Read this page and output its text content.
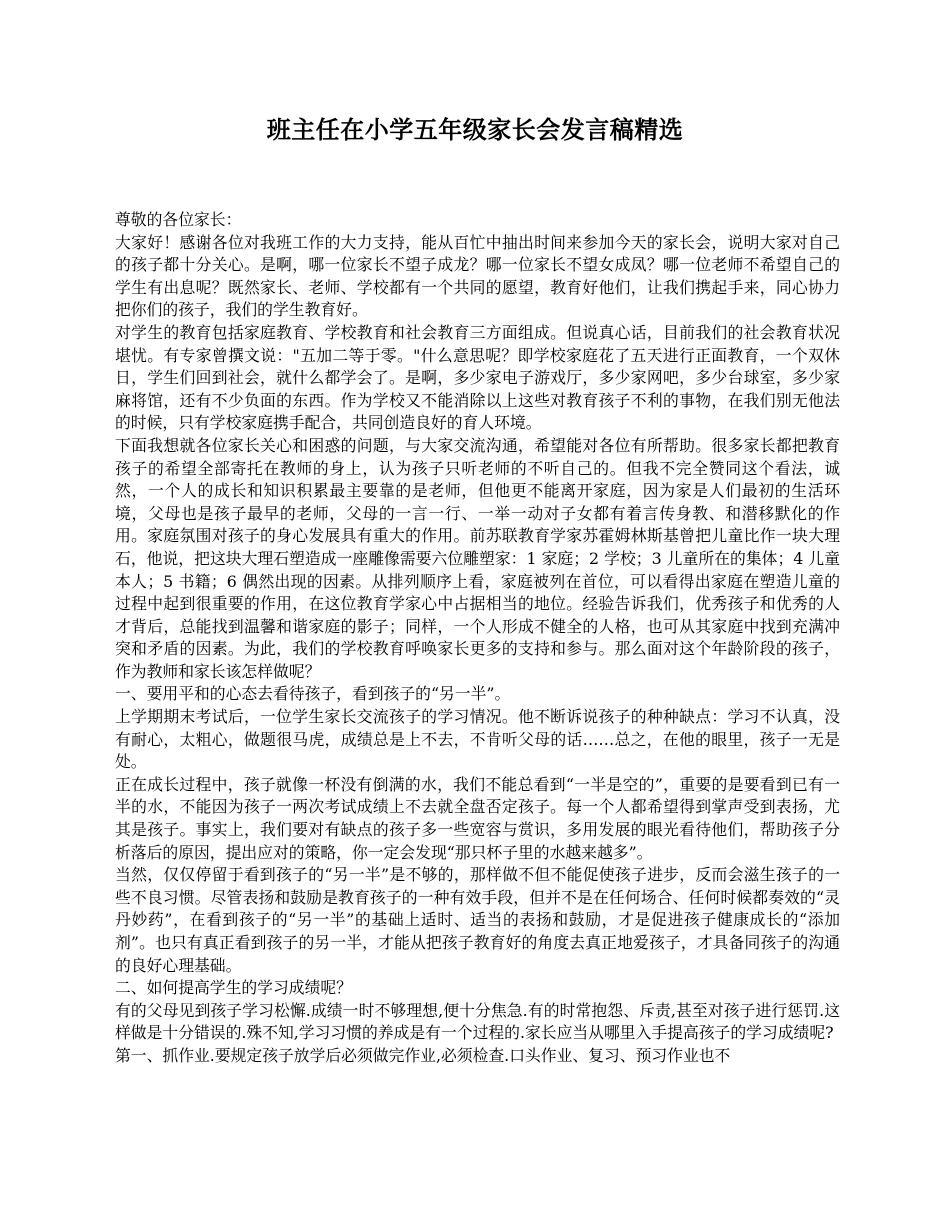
班主任在小学五年级家长会发言稿精选

尊敬的各位家长：

大家好！感谢各位对我班工作的大力支持，能从百忙中抽出时间来参加今天的家长会，说明大家对自己的孩子都十分关心。是啊，哪一位家长不望子成龙？哪一位家长不望女成凤？哪一位老师不希望自己的学生有出息呢？既然家长、老师、学校都有一个共同的愿望，教育好他们，让我们携起手来，同心协力把你们的孩子，我们的学生教育好。

对学生的教育包括家庭教育、学校教育和社会教育三方面组成。但说真心话，目前我们的社会教育状况堪忧。有专家曾撰文说："五加二等于零。"什么意思呢？即学校家庭花了五天进行正面教育，一个双休日，学生们回到社会，就什么都学会了。是啊，多少家电子游戏厅，多少家网吧，多少台球室，多少家麻将馆，还有不少负面的东西。作为学校又不能消除以上这些对教育孩子不利的事物，在我们别无他法的时候，只有学校家庭携手配合，共同创造良好的育人环境。

下面我想就各位家长关心和困惑的问题，与大家交流沟通，希望能对各位有所帮助。很多家长都把教育孩子的希望全部寄托在教师的身上，认为孩子只听老师的不听自己的。但我不完全赞同这个看法，诚然，一个人的成长和知识积累最主要靠的是老师，但他更不能离开家庭，因为家是人们最初的生活环境，父母也是孩子最早的老师，父母的一言一行、一举一动对子女都有着言传身教、和潜移默化的作用。家庭氛围对孩子的身心发展具有重大的作用。前苏联教育学家苏霍姆林斯基曾把儿童比作一块大理石，他说，把这块大理石塑造成一座雕像需要六位雕塑家：1 家庭；2 学校；3 儿童所在的集体；4 儿童本人；5 书籍；6 偶然出现的因素。从排列顺序上看，家庭被列在首位，可以看得出家庭在塑造儿童的过程中起到很重要的作用，在这位教育学家心中占据相当的地位。经验告诉我们，优秀孩子和优秀的人才背后，总能找到温馨和谐家庭的影子；同样，一个人形成不健全的人格，也可从其家庭中找到充满冲突和矛盾的因素。为此，我们的学校教育呼唤家长更多的支持和参与。那么面对这个年龄阶段的孩子，作为教师和家长该怎样做呢？

一、要用平和的心态去看待孩子，看到孩子的“另一半”。

上学期期末考试后，一位学生家长交流孩子的学习情况。他不断诉说孩子的种种缺点：学习不认真，没有耐心，太粗心，做题很马虎，成绩总是上不去，不肯听父母的话……总之，在他的眼里，孩子一无是处。

正在成长过程中，孩子就像一杯没有倒满的水，我们不能总看到“一半是空的”，重要的是要看到已有一半的水，不能因为孩子一两次考试成绩上不去就全盘否定孩子。每一个人都希望得到掌声受到表扬，尤其是孩子。事实上，我们要对有缺点的孩子多一些宽容与赏识，多用发展的眼光看待他们，帮助孩子分析落后的原因，提出应对的策略，你一定会发现“那只杯子里的水越来越多”。

当然，仅仅停留于看到孩子的“另一半”是不够的，那样做不但不能促使孩子进步，反而会滋生孩子的一些不良习惯。尽管表扬和鼓励是教育孩子的一种有效手段，但并不是在任何场合、任何时候都奏效的“灵丹妙药”，在看到孩子的“另一半”的基础上适时、适当的表扬和鼓励，才是促进孩子健康成长的“添加剂”。也只有真正看到孩子的另一半，才能从把孩子教育好的角度去真正地爱孩子，才具备同孩子的沟通的良好心理基础。

二、如何提高学生的学习成绩呢？

有的父母见到孩子学习松懈.成绩一时不够理想,便十分焦急.有的时常抱怨、斥责,甚至对孩子进行惩罚.这样做是十分错误的.殊不知,学习习惯的养成是有一个过程的.家长应当从哪里入手提高孩子的学习成绩呢?

第一、抓作业.要规定孩子放学后必须做完作业,必须检查.口头作业、复习、预习作业也不
